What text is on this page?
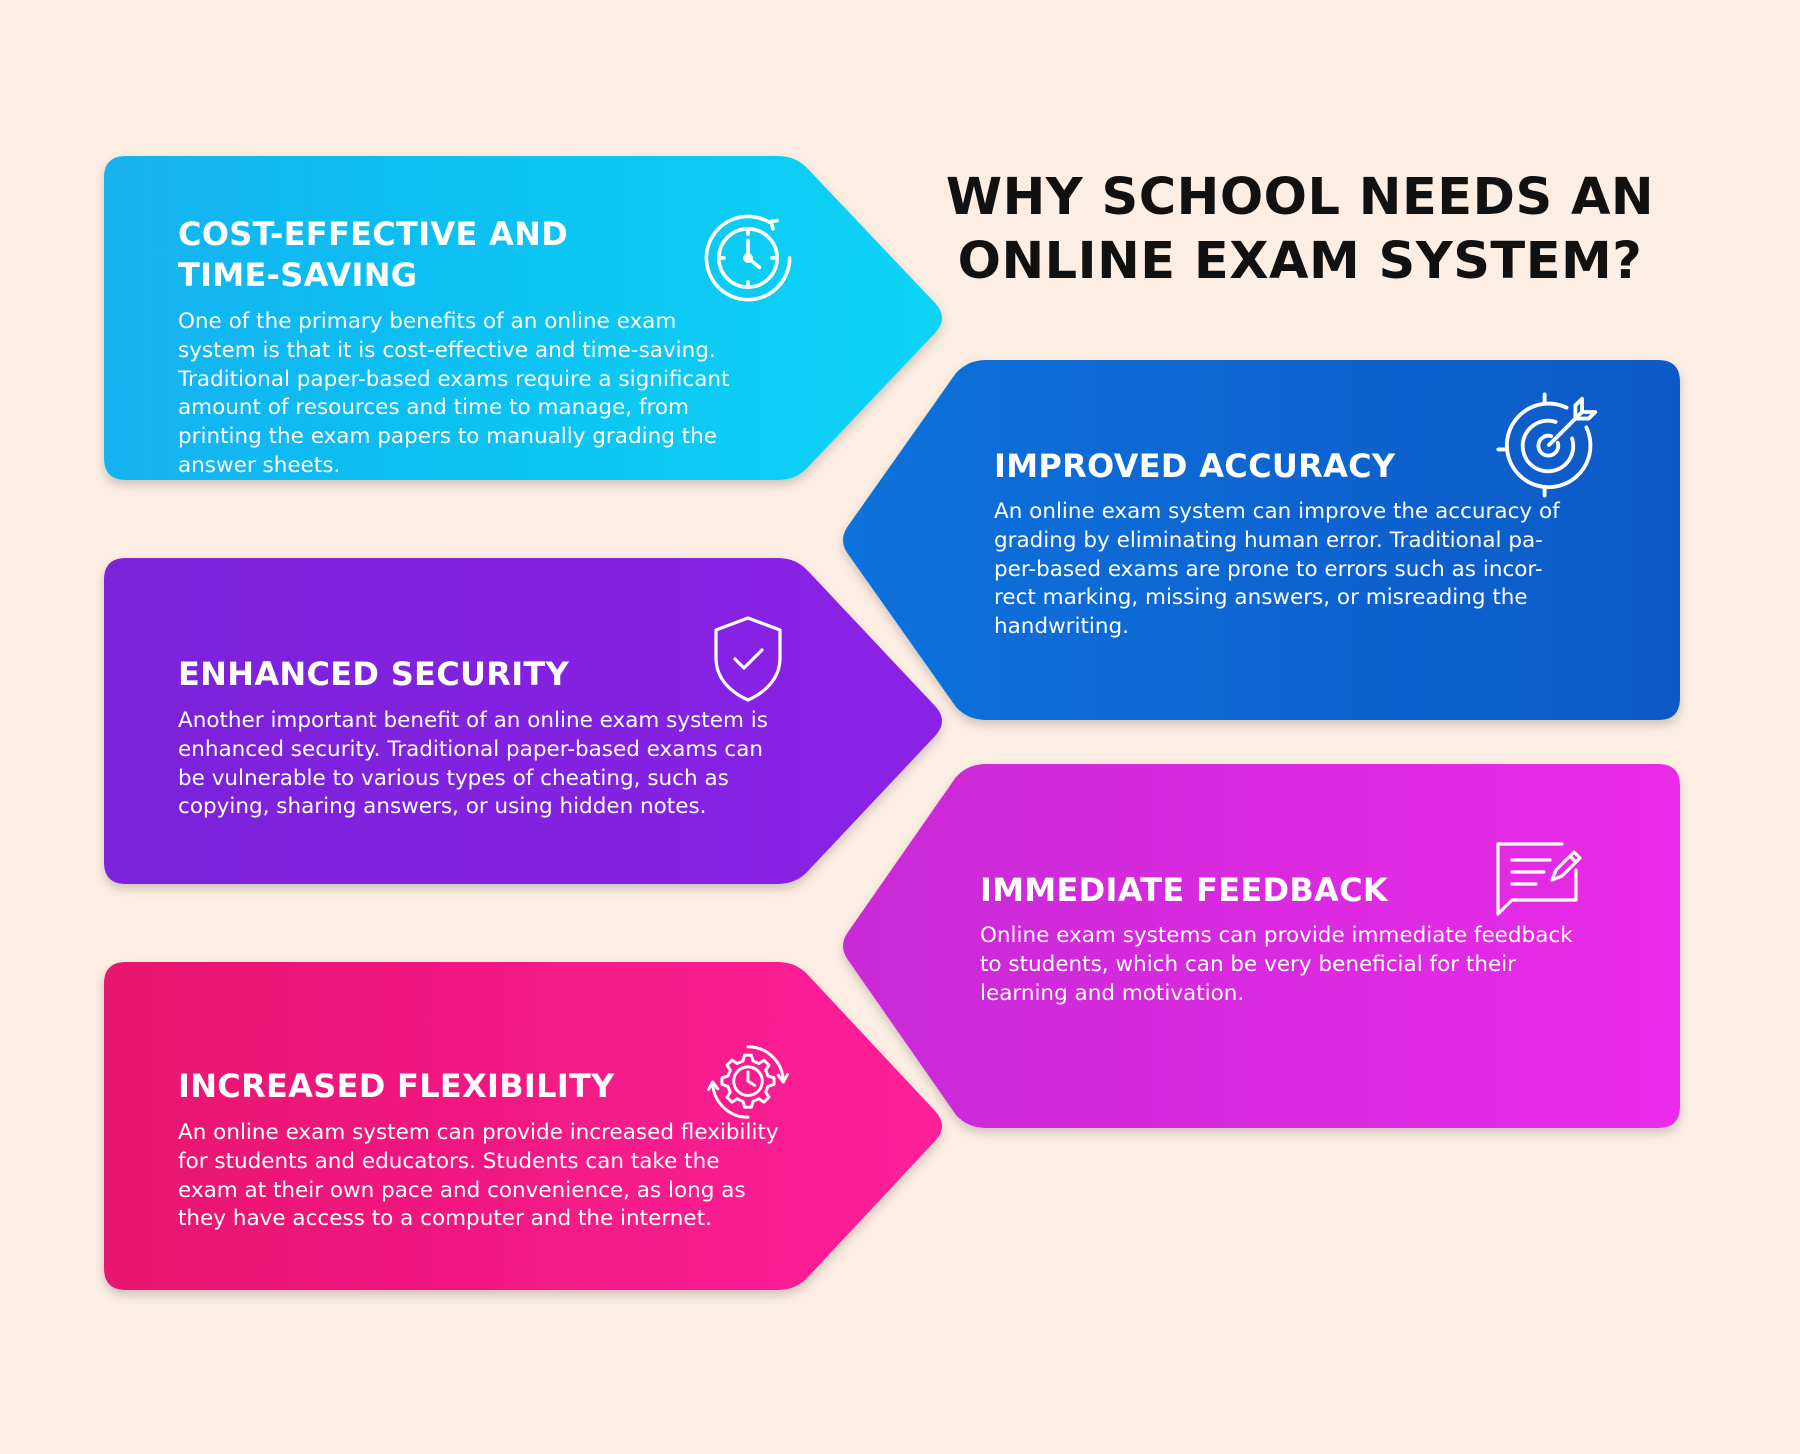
WHY SCHOOL NEEDS AN
ONLINE EXAM SYSTEM?
COST-EFFECTIVE AND
TIME-SAVING
One of the primary benefits of an online exam
system is that it is cost-effective and time-saving.
Traditional paper-based exams require a significant
amount of resources and time to manage, from
printing the exam papers to manually grading the
answer sheets.	IMPROVED ACCURACY
An online exam system can improve the accuracy of
grading by eliminating human error. Traditional pa-
per-based exams are prone to errors such as incor-
rect marking, missing answers, or misreading the
handwriting.
ENHANCED SECURITY
Another important benefit of an online exam system is
enhanced security. Traditional paper-based exams can
be vulnerable to various types of cheating, such as
copying, sharing answers, or using hidden notes.
IMMEDIATE FEEDBACK
Online exam systems can provide immediate feedback
to students, which can be very beneficial for their
learning and motivation.
INCREASED FLEXIBILITY
An online exam system can provide increased flexibility
for students and educators. Students can take the
exam at their own pace and convenience, as long as
they have access to a computer and the internet.
